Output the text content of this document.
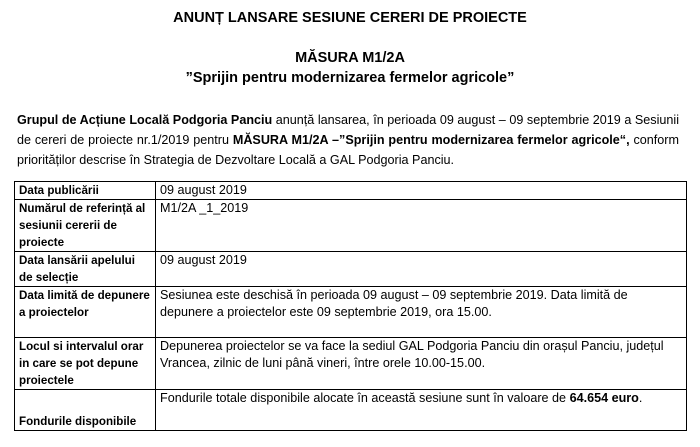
ANUNȚ LANSARE SESIUNE CERERI DE PROIECTE
MĂSURA M1/2A
”Sprijin pentru modernizarea fermelor agricole”
Grupul de Acțiune Locală Podgoria Panciu anunță lansarea, în perioada 09 august – 09 septembrie 2019 a Sesiunii de cereri de proiecte nr.1/2019 pentru MĂSURA M1/2A –”Sprijin pentru modernizarea fermelor agricole“, conform priorităților descrise în Strategia de Dezvoltare Locală a GAL Podgoria Panciu.
Data publicării	09 august 2019
Numărul de referință al sesiunii cererii de proiecte	M1/2A _1_2019
Data lansării apelului de selecție	09 august 2019
Data limită de depunere a proiectelor	Sesiunea este deschisă în perioada 09 august – 09 septembrie 2019. Data limită de depunere a proiectelor este 09 septembrie 2019, ora 15.00.
Locul si intervalul orar in care se pot depune proiectele	Depunerea proiectelor se va face la sediul GAL Podgoria Panciu din orașul Panciu, județul Vrancea, zilnic de luni până vineri, între orele 10.00-15.00.
Fondurile disponibile	Fondurile totale disponibile alocate în această sesiune sunt în valoare de 64.654 euro.
